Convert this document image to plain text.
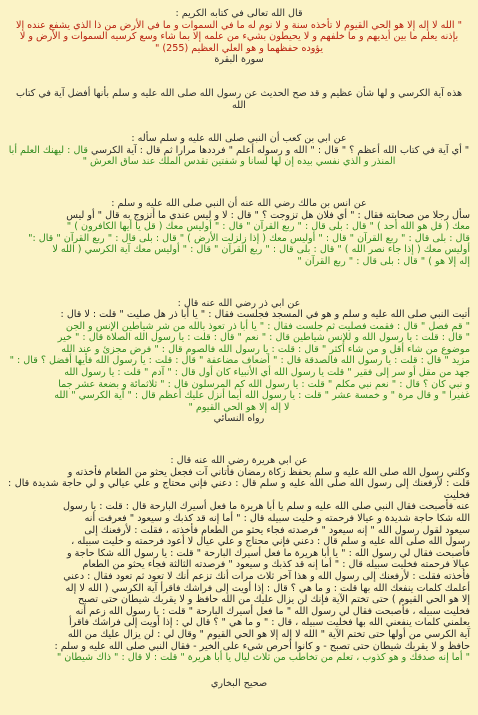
قال الله تعالى في كتابه الكريم :

" الله لا إله إلا هو الحي القيوم لا تأخذه سنة و لا نوم له ما في السموات و ما في الأرض من ذا الذي يشفع عنده إلا بإذنه يعلم ما بين أيديهم و ما خلفهم و لا يحيطون بشيء من علمه إلا بما شاء وسع كرسيه السموات و الأرض و لا يؤوده حفظهما و هو العلي العظيم (255) "

سورة البقرة

هذه آية الكرسي و لها شأن عظيم و قد صح الحديث عن رسول الله صلى الله عليه و سلم بأنها أفضل آية في كتاب الله

عن ابي بن كعب أن النبي صلى الله عليه و سلم سأله :

" أي آية في كتاب الله أعظم ؟ " قال : " الله و رسوله أعلم " فرددها مرارا ثم قال : آية الكرسي قال : ليهنك العلم أبا المنذر و الذي نفسي بيده إن لها لسانا و شفتين تقدس الملك عند ساق العرش "

عن انس بن مالك رضي الله عنه أن النبي صلى الله عليه و سلم :

سأل رجلا من صحابته فقال : " أي فلان هل تزوجت ؟ " قال : لا و ليس عندي ما أتزوج به قال " أو ليس

معك ( قل هو الله أحد ) " قال : بلى قال : " ربع القرآن " قال : " أوليس معك ( قل يا أيها الكافرون ) "

قال : بلى قال : " ربع القرآن " قال : " أوليس معك ( إذا زلزلت الأرض ) " قال : بلى قال : " ربع القرآن " قال :"

أوليس معك ( إذا جاء نصر الله ) " قال : بلى قال : " ربع القرآن " قال : " أوليس معك آية الكرسي ( الله لا

إله إلا هو ) " قال : بلى قال : " ربع القرآن "

عن ابي ذر رضي الله عنه قال :

أتيت النبي صلى الله عليه و سلم و هو في المسجد فجلست فقال : " يا أبا ذر هل صليت " قلت : لا قال :

" قم فصل " قال : فقمت فصليت ثم جلست فقال : " يا أبا ذر تعوذ بالله من شر شياطين الإنس و الجن

" قال : قلت : يا رسول الله و للإنس شياطين قال : " نعم " قال : قلت : يا رسول الله الصلاة قال : " خير

موضوع من شاء أقل و من شاء أكثر " قال : قلت : يا رسول الله فالصوم قال : " فرض مجزئ و عند الله

مزيد " قال : قلت : يا رسول الله فالصدقة قال : " أضعاف مضاعفة " قال : قلت : يا رسول الله فأيها أفضل ؟ قال : "

جهد من مقل أو سر إلى فقير " قلت يا رسول الله أي الأنبياء كان أول قال : " آدم " قلت : يا رسول الله

و نبي كان ؟ قال : " نعم نبي مكلم " قلت : يا رسول الله كم المرسلون قال : " ثلاثمائة و بضعة عشر جما

غفيرا " و قال مرة " و خمسة عشر " قلت : يا رسول الله أيما أنزل عليك أعظم قال : " آية الكرسي " الله

لا إله إلا هو الحي القيوم "

رواه النسائي

عن ابي هريرة رضي الله عنه قال :

وكلني رسول الله صلى الله عليه و سلم بحفظ زكاة رمضان فأتاني آت فجعل يحثو من الطعام فأخذته و

قلت : لأرفعنك إلى رسول الله صلى الله عليه و سلم قال : دعني فإني محتاج و علي عيالي و لي حاجة شديدة قال : فخليت

عنه فأصبحت فقال النبي صلى الله عليه و سلم يا أبا هريرة ما فعل أسيرك البارحة قال : قلت : يا رسول

الله شكا حاجة شديدة و عيالا فرحمته و خليت سبيله قال : " أما إنه قد كذبك و سيعود " فعرفت أنه

سيعود لقول رسول الله " إنه سيعود " فرصدته فجاء يحثو من الطعام فأخذته ، فقلت : لأرفعنك إلى

رسول الله صلى الله عليه و سلم قال : دعني فإني محتاج و علي عيال لا أعود فرحمته و خليت سبيله ،

فأصبحت فقال لي رسول الله : " يا أبا هريرة ما فعل أسيرك البارحة " قلت : يا رسول الله شكا حاجة و

عيالا فرحمته فخليت سبيله قال : " أما إنه قد كذبك و سيعود " فرصدته الثالثة فجاء يحثو من الطعام

فأخذته فقلت : لأرفعنك إلى رسول الله و هذا آخر ثلاث مرات أنك تزعم أنك لا تعود ثم تعود فقال : دعني

أعلمك كلمات ينفعك الله بها قلت : و ما هي ؟ قال : إذا أويت إلى فراشك فاقرأ آية الكرسي ( الله لا إله

إلا هو الحي القيوم ) حتى تختم الآية فإنك لن يزال عليك من الله حافظ و لا يقربك شيطان حتى تصبح

فخليت سبيله ، فأصبحت فقال لي رسول الله " ما فعل أسيرك البارحة " قلت : يا رسول الله زعم أنه

يعلمني كلمات ينفعني الله بها فخليت سبيله ، قال : " و ما هي " ؟ قال لي : إذا أويت إلى فراشك فاقرأ

آية الكرسي من أولها حتى تختم الآية " الله لا إله إلا هو الحي القيوم " وقال لي : لن يزال عليك من الله

حافظ و لا يقربك شيطان حتى تصبح - و كانوا أحرص شيء على الخير - فقال النبي صلى الله عليه و سلم :

" أما إنه صدقك و هو كذوب ، تعلم من تخاطب من ثلاث ليال يا أبا هريرة " قلت : لا قال : " ذاك شيطان "

صحيح البخاري
